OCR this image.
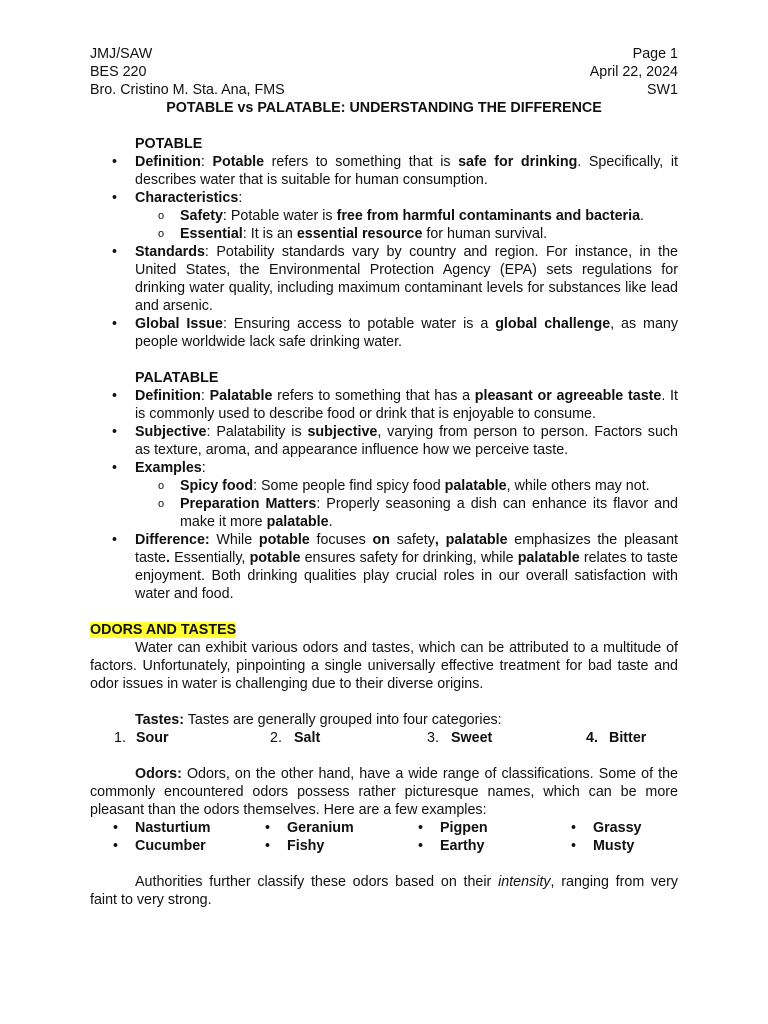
JMJ/SAW	Page 1
BES 220	April 22, 2024
Bro. Cristino M. Sta. Ana, FMS	SW1
POTABLE vs PALATABLE: UNDERSTANDING THE DIFFERENCE
POTABLE
• Definition: Potable refers to something that is safe for drinking. Specifically, it describes water that is suitable for human consumption.
• Characteristics:
o Safety: Potable water is free from harmful contaminants and bacteria.
o Essential: It is an essential resource for human survival.
• Standards: Potability standards vary by country and region. For instance, in the United States, the Environmental Protection Agency (EPA) sets regulations for drinking water quality, including maximum contaminant levels for substances like lead and arsenic.
• Global Issue: Ensuring access to potable water is a global challenge, as many people worldwide lack safe drinking water.
PALATABLE
• Definition: Palatable refers to something that has a pleasant or agreeable taste. It is commonly used to describe food or drink that is enjoyable to consume.
• Subjective: Palatability is subjective, varying from person to person. Factors such as texture, aroma, and appearance influence how we perceive taste.
• Examples:
o Spicy food: Some people find spicy food palatable, while others may not.
o Preparation Matters: Properly seasoning a dish can enhance its flavor and make it more palatable.
• Difference: While potable focuses on safety, palatable emphasizes the pleasant taste. Essentially, potable ensures safety for drinking, while palatable relates to taste enjoyment. Both drinking qualities play crucial roles in our overall satisfaction with water and food.
ODORS AND TASTES
Water can exhibit various odors and tastes, which can be attributed to a multitude of factors. Unfortunately, pinpointing a single universally effective treatment for bad taste and odor issues in water is challenging due to their diverse origins.
Tastes: Tastes are generally grouped into four categories:
1. Sour	2. Salt	3. Sweet	4. Bitter
Odors: Odors, on the other hand, have a wide range of classifications. Some of the commonly encountered odors possess rather picturesque names, which can be more pleasant than the odors themselves. Here are a few examples:
• Nasturtium	• Geranium	• Pigpen	• Grassy
• Cucumber	• Fishy	• Earthy	• Musty
Authorities further classify these odors based on their intensity, ranging from very faint to very strong.
